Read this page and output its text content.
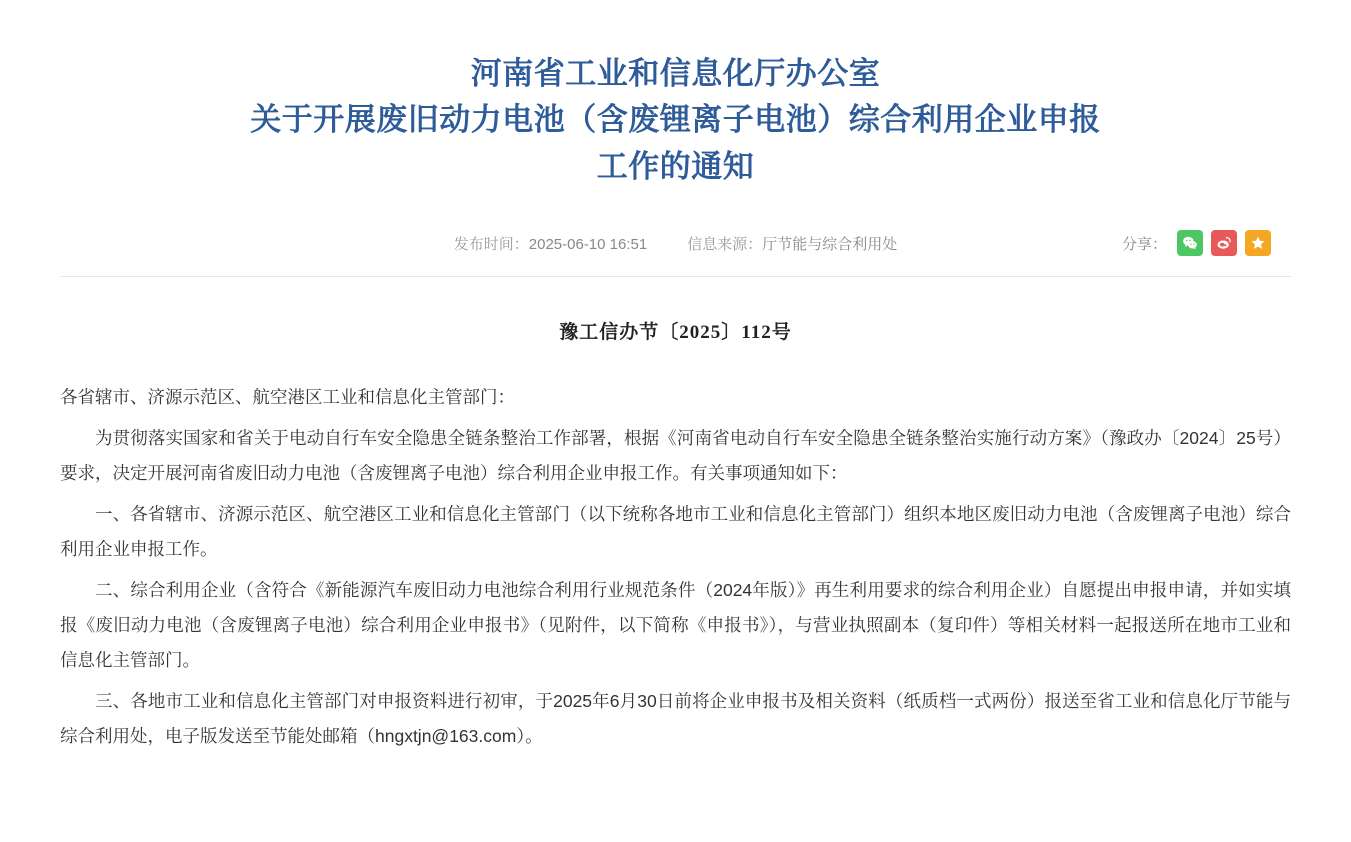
河南省工业和信息化厅办公室
关于开展废旧动力电池（含废锂离子电池）综合利用企业申报
工作的通知
发布时间：2025-06-10 16:51	信息来源：厅节能与综合利用处	分享：
豫工信办节〔2025〕112号

各省辖市、济源示范区、航空港区工业和信息化主管部门：

为贯彻落实国家和省关于电动自行车安全隐患全链条整治工作部署，根据《河南省电动自行车安全隐患全链条整治实施行动方案》（豫政办〔2024〕25号）要求，决定开展河南省废旧动力电池（含废锂离子电池）综合利用企业申报工作。有关事项通知如下：

一、各省辖市、济源示范区、航空港区工业和信息化主管部门（以下统称各地市工业和信息化主管部门）组织本地区废旧动力电池（含废锂离子电池）综合利用企业申报工作。

二、综合利用企业（含符合《新能源汽车废旧动力电池综合利用行业规范条件（2024年版）》再生利用要求的综合利用企业）自愿提出申报申请，并如实填报《废旧动力电池（含废锂离子电池）综合利用企业申报书》（见附件，以下简称《申报书》），与营业执照副本（复印件）等相关材料一起报送所在地市工业和信息化主管部门。

三、各地市工业和信息化主管部门对申报资料进行初审，于2025年6月30日前将企业申报书及相关资料（纸质档一式两份）报送至省工业和信息化厅节能与综合利用处，电子版发送至节能处邮箱（hngxtjn@163.com）。
